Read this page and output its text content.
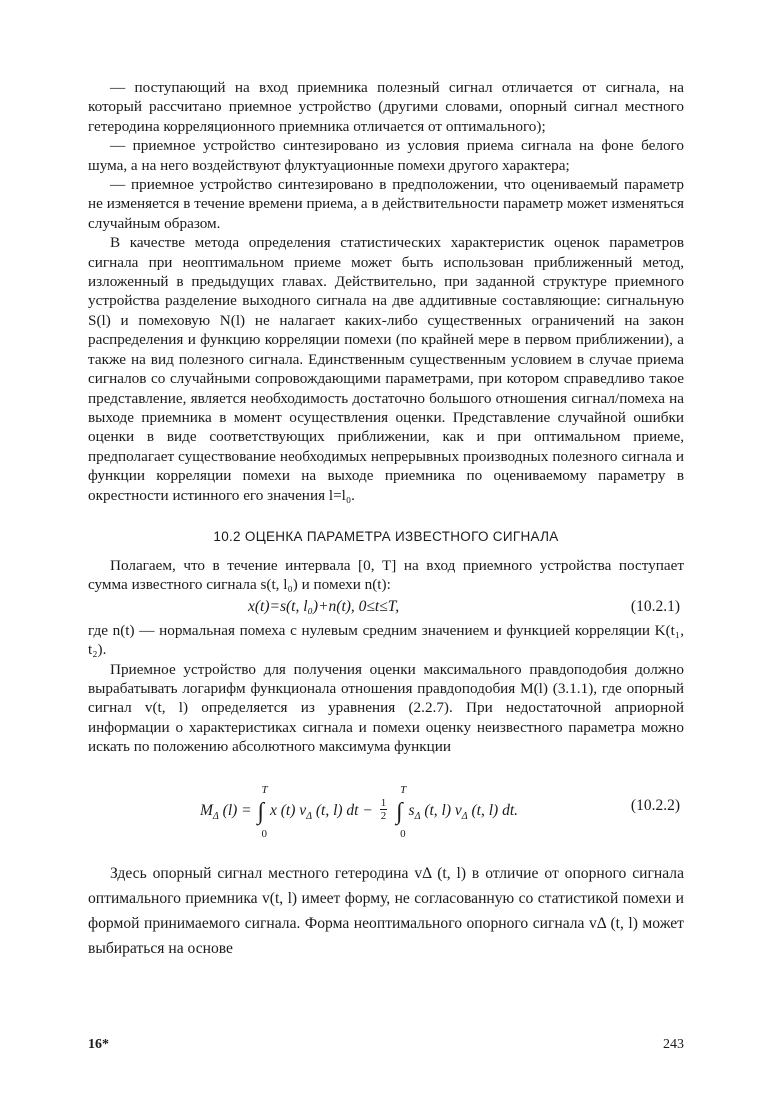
— поступающий на вход приемника полезный сигнал отличается от сигнала, на который рассчитано приемное устройство (другими словами, опорный сигнал местного гетеродина корреляционного приемника отличается от оптимального);

— приемное устройство синтезировано из условия приема сигнала на фоне белого шума, а на него воздействуют флуктуационные помехи другого характера;

— приемное устройство синтезировано в предположении, что оцениваемый параметр не изменяется в течение времени приема, а в действительности параметр может изменяться случайным образом.

В качестве метода определения статистических характеристик оценок параметров сигнала при неоптимальном приеме может быть использован приближенный метод, изложенный в предыдущих главах. Действительно, при заданной структуре приемного устройства разделение выходного сигнала на две аддитивные составляющие: сигнальную S(l) и помеховую N(l) не налагает каких-либо существенных ограничений на закон распределения и функцию корреляции помехи (по крайней мере в первом приближении), а также на вид полезного сигнала. Единственным существенным условием в случае приема сигналов со случайными сопровождающими параметрами, при котором справедливо такое представление, является необходимость достаточно большого отношения сигнал/помеха на выходе приемника в момент осуществления оценки. Представление случайной ошибки оценки в виде соответствующих приближении, как и при оптимальном приеме, предполагает существование необходимых непрерывных производных полезного сигнала и функции корреляции помехи на выходе приемника по оцениваемому параметру в окрестности истинного его значения l=l₀.

10.2 ОЦЕНКА ПАРАМЕТРА ИЗВЕСТНОГО СИГНАЛА

Полагаем, что в течение интервала [0, T] на вход приемного устройства поступает сумма известного сигнала s(t, l₀) и помехи n(t):

x(t)=s(t, l₀)+n(t), 0≤t≤T,	(10.2.1)

где n(t) — нормальная помеха с нулевым средним значением и функцией корреляции K(t₁, t₂).

Приемное устройство для получения оценки максимального правдоподобия должно вырабатывать логарифм функционала отношения правдоподобия M(l) (3.1.1), где опорный сигнал v(t, l) определяется из уравнения (2.2.7). При недостаточной априорной информации о характеристиках сигнала и помехи оценку неизвестного параметра можно искать по положению абсолютного максимума функции

$M_\Delta$ (l) = ∫
T
0
x (t) $v_\Delta$ (t, l) dt − $\frac{1}{2}$ ∫
T
0
$s_\Delta$ (t, l) $v_\Delta$ (t, l) dt.	(10.2.2)

Здесь опорный сигнал местного гетеродина vΔ (t, l) в отличие от опорного сигнала оптимального приемника v(t, l) имеет форму, не согласованную со статистикой помехи и формой принимаемого сигнала. Форма неоптимального опорного сигнала vΔ (t, l) может выбираться на основе

16*	243
